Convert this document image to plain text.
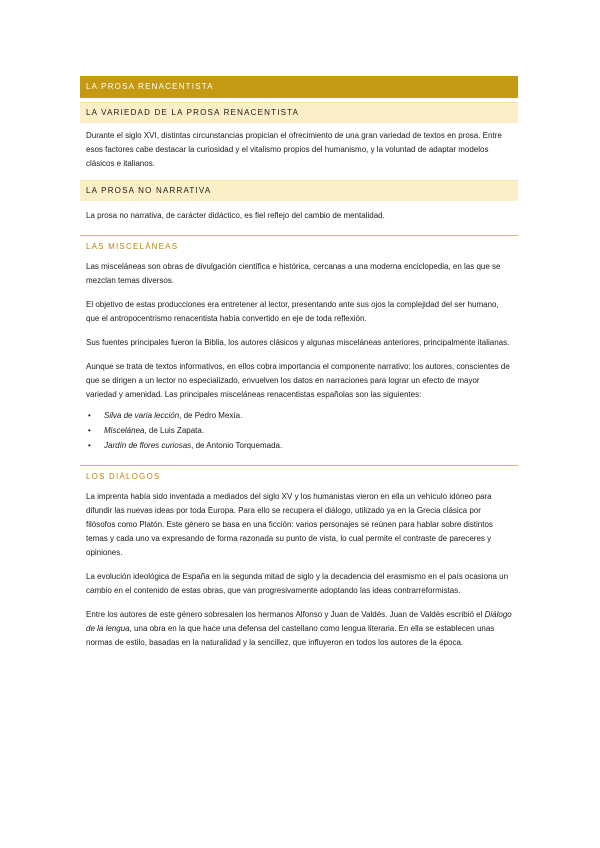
LA PROSA RENACENTISTA
LA VARIEDAD DE LA PROSA RENACENTISTA

Durante el siglo XVI, distintas circunstancias propician el ofrecimiento de una gran variedad de textos en prosa. Entre esos factores cabe destacar la curiosidad y el vitalismo propios del humanismo, y la voluntad de adaptar modelos clásicos e italianos.

LA PROSA NO NARRATIVA

La prosa no narrativa, de carácter didáctico, es fiel reflejo del cambio de mentalidad.

LAS MISCELÁNEAS

Las misceláneas son obras de divulgación científica e histórica, cercanas a una moderna enciclopedia, en las que se mezclan temas diversos.

El objetivo de estas producciones era entretener al lector, presentando ante sus ojos la complejidad del ser humano, que el antropocentrismo renacentista había convertido en eje de toda reflexión.

Sus fuentes principales fueron la Biblia, los autores clásicos y algunas misceláneas anteriores, principalmente italianas.

Aunque se trata de textos informativos, en ellos cobra importancia el componente narrativo: los autores, conscientes de que se dirigen a un lector no especializado, envuelven los datos en narraciones para lograr un efecto de mayor variedad y amenidad. Las principales misceláneas renacentistas españolas son las siguientes:

• Silva de varia lección, de Pedro Mexía.
• Miscelánea, de Luis Zapata.
• Jardín de flores curiosas, de Antonio Torquemada.
LOS DIÁLOGOS

La imprenta había sido inventada a mediados del siglo XV y los humanistas vieron en ella un vehículo idóneo para difundir las nuevas ideas por toda Europa. Para ello se recupera el diálogo, utilizado ya en la Grecia clásica por filósofos como Platón. Este género se basa en una ficción: varios personajes se reúnen para hablar sobre distintos temas y cada uno va expresando de forma razonada su punto de vista, lo cual permite el contraste de pareceres y opiniones.

La evolución ideológica de España en la segunda mitad de siglo y la decadencia del erasmismo en el país ocasiona un cambio en el contenido de estas obras, que van progresivamente adoptando las ideas contrarreformistas.

Entre los autores de este género sobresalen los hermanos Alfonso y Juan de Valdés. Juan de Valdés escribió el Diálogo de la lengua, una obra en la que hace una defensa del castellano como lengua literaria. En ella se establecen unas normas de estilo, basadas en la naturalidad y la sencillez, que influyeron en todos los autores de la época.
